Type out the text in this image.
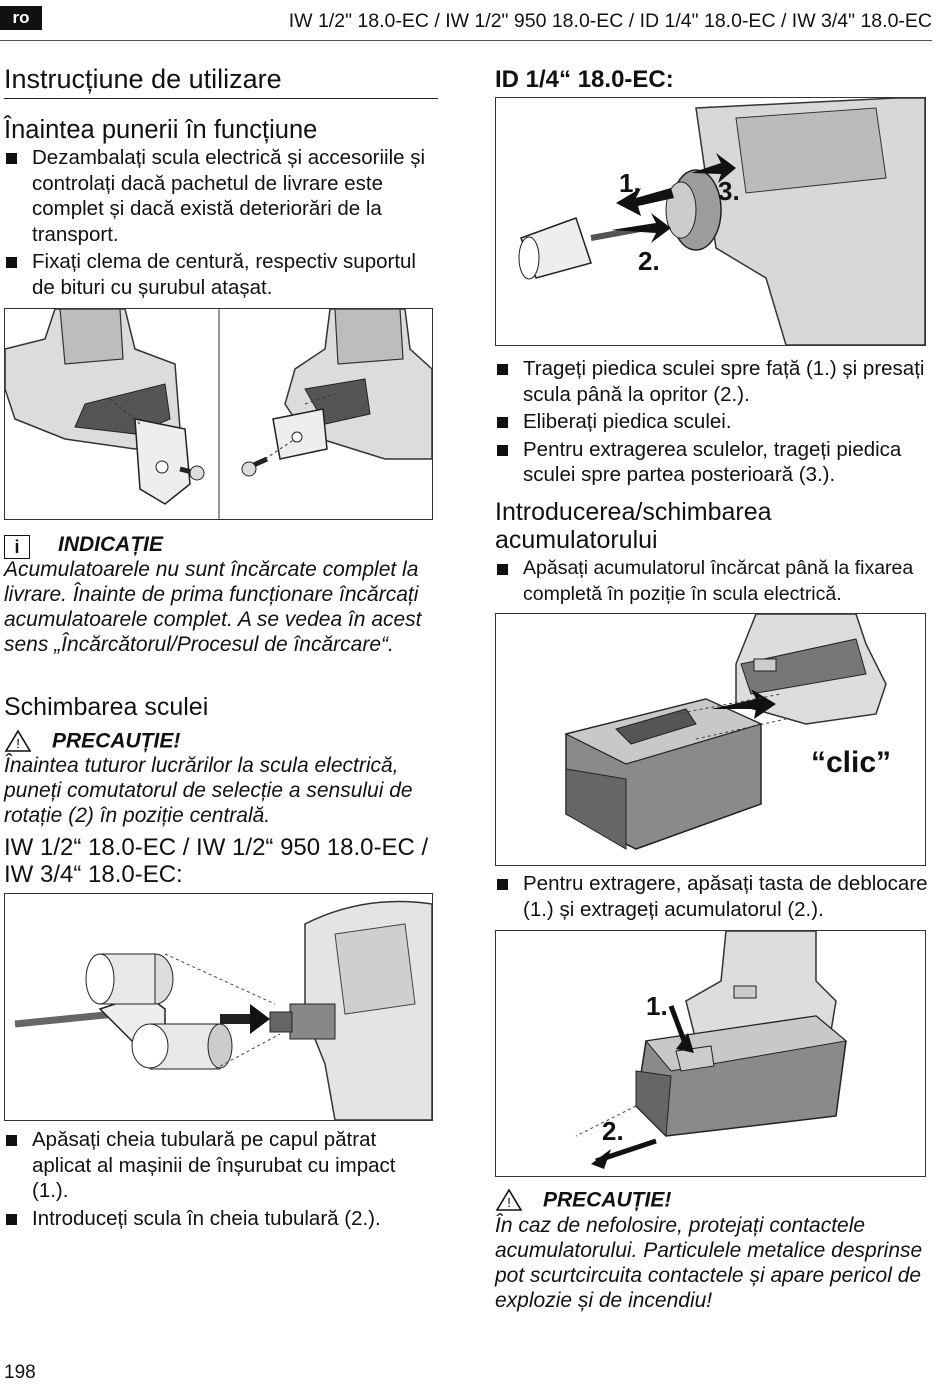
ro	IW 1/2" 18.0-EC / IW 1/2" 950 18.0-EC / ID 1/4" 18.0-EC / IW 3/4" 18.0-EC
Instrucțiune de utilizare
Înaintea punerii în funcțiune
Dezambalați scula electrică și accesoriile și controlați dacă pachetul de livrare este complet și dacă există deteriorări de la transport.
Fixați clema de centură, respectiv suportul de bituri cu șurubul atașat.
i INDICAȚIE
Acumulatoarele nu sunt încărcate complet la livrare. Înainte de prima funcționare încărcați acumulatoarele complet. A se vedea în acest sens „Încărcătorul/Procesul de încărcare“.
Schimbarea sculei
! PRECAUȚIE!
Înaintea tuturor lucrărilor la scula electrică, puneți comutatorul de selecție a sensului de rotație (2) în poziție centrală.
IW 1/2“ 18.0-EC / IW 1/2“ 950 18.0-EC / IW 3/4“ 18.0-EC:
Apăsați cheia tubulară pe capul pătrat aplicat al mașinii de înșurubat cu impact (1.).
Introduceți scula în cheia tubulară (2.).
ID 1/4“ 18.0-EC:
1.
2.
3.
Trageți piedica sculei spre față (1.) și presați scula până la opritor (2.).
Eliberați piedica sculei.
Pentru extragerea sculelor, trageți piedica sculei spre partea posterioară (3.).
Introducerea/schimbarea acumulatorului
Apăsați acumulatorul încărcat până la fixarea completă în poziție în scula electrică.
“clic”
Pentru extragere, apăsați tasta de deblocare (1.) și extrageți acumulatorul (2.).
1.
2.
! PRECAUȚIE!
În caz de nefolosire, protejați contactele acumulatorului. Particulele metalice desprinse pot scurtcircuita contactele și apare pericol de explozie și de incendiu!
198
